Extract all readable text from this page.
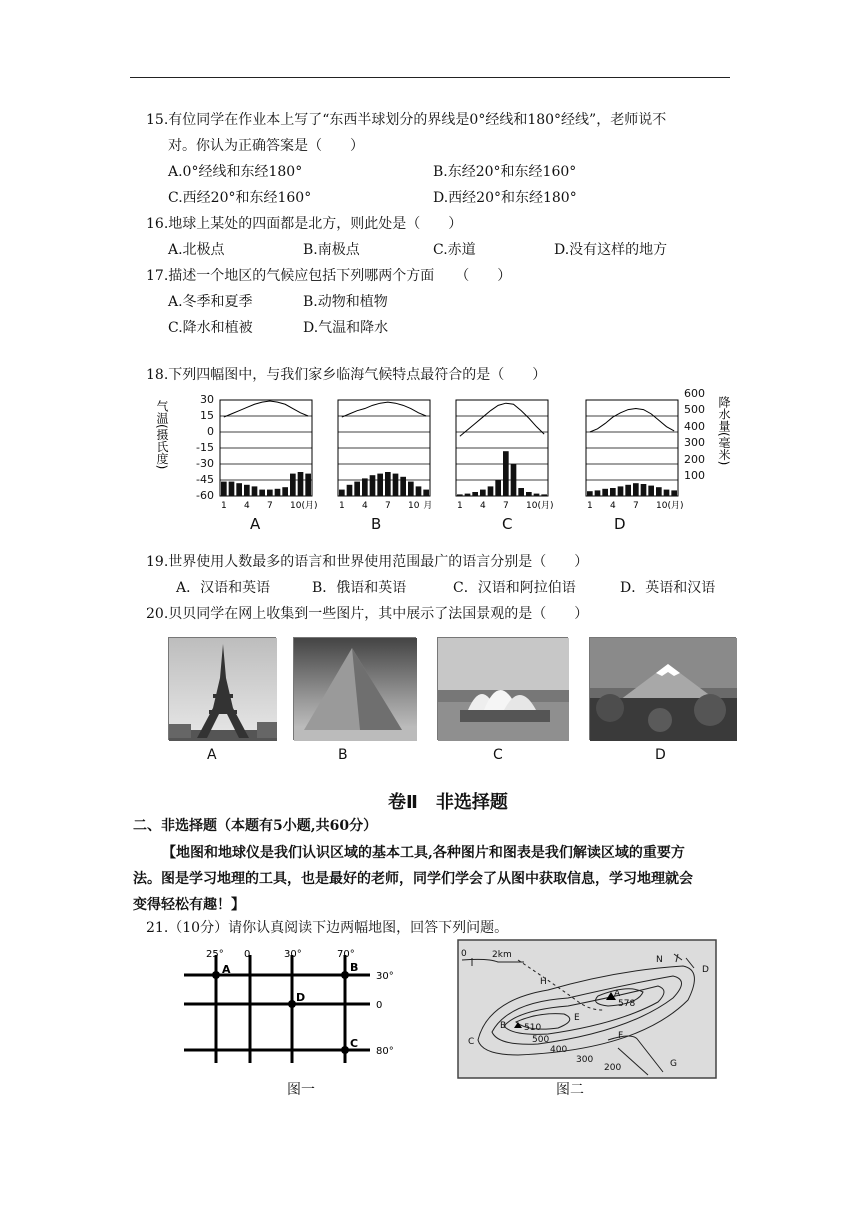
15.有位同学在作业本上写了“东西半球划分的界线是0°经线和180°经线”，老师说不
对。你认为正确答案是（　　）
A.0°经线和东经180°	B.东经20°和东经160°
C.西经20°和东经160°	D.西经20°和东经180°
16.地球上某处的四面都是北方，则此处是（　　）
A.北极点	B.南极点	C.赤道	D.没有这样的地方
17.描述一个地区的气候应包括下列哪两个方面　　（　　）
A.冬季和夏季	B.动物和植物
C.降水和植被	D.气温和降水
18.下列四幅图中，与我们家乡临海气候特点最符合的是（　　）
气温(摄氏度)
30
15
0
-15
-30
-45
-60
600
500
400
300
200
100
降水量(毫米)
1 4 7 10(月) 1 4 7 10 月	1 4 7 10(月)	1 4 7 10(月)
A	B	C	D
19.世界使用人数最多的语言和世界使用范围最广的语言分别是（　　）
A．汉语和英语	B．俄语和英语	C．汉语和阿拉伯语	D．英语和汉语
20.贝贝同学在网上收集到一些图片，其中展示了法国景观的是（　　）
A	B	C	D
卷Ⅱ　非选择题
二、非选择题（本题有5小题,共60分）
【地图和地球仪是我们认识区域的基本工具,各种图片和图表是我们解读区域的重要方
法。图是学习地理的工具，也是最好的老师，同学们学会了从图中获取信息，学习地理就会
变得轻松有趣！】
21.（10分）请你认真阅读下边两幅地图，回答下列问题。
25° 0	30°	70°
30°
0
80°
A	B
D
C
图一
0	2km
H
N
D
A
578
E
B 510
500
400
300
200
C
F
G
图二
